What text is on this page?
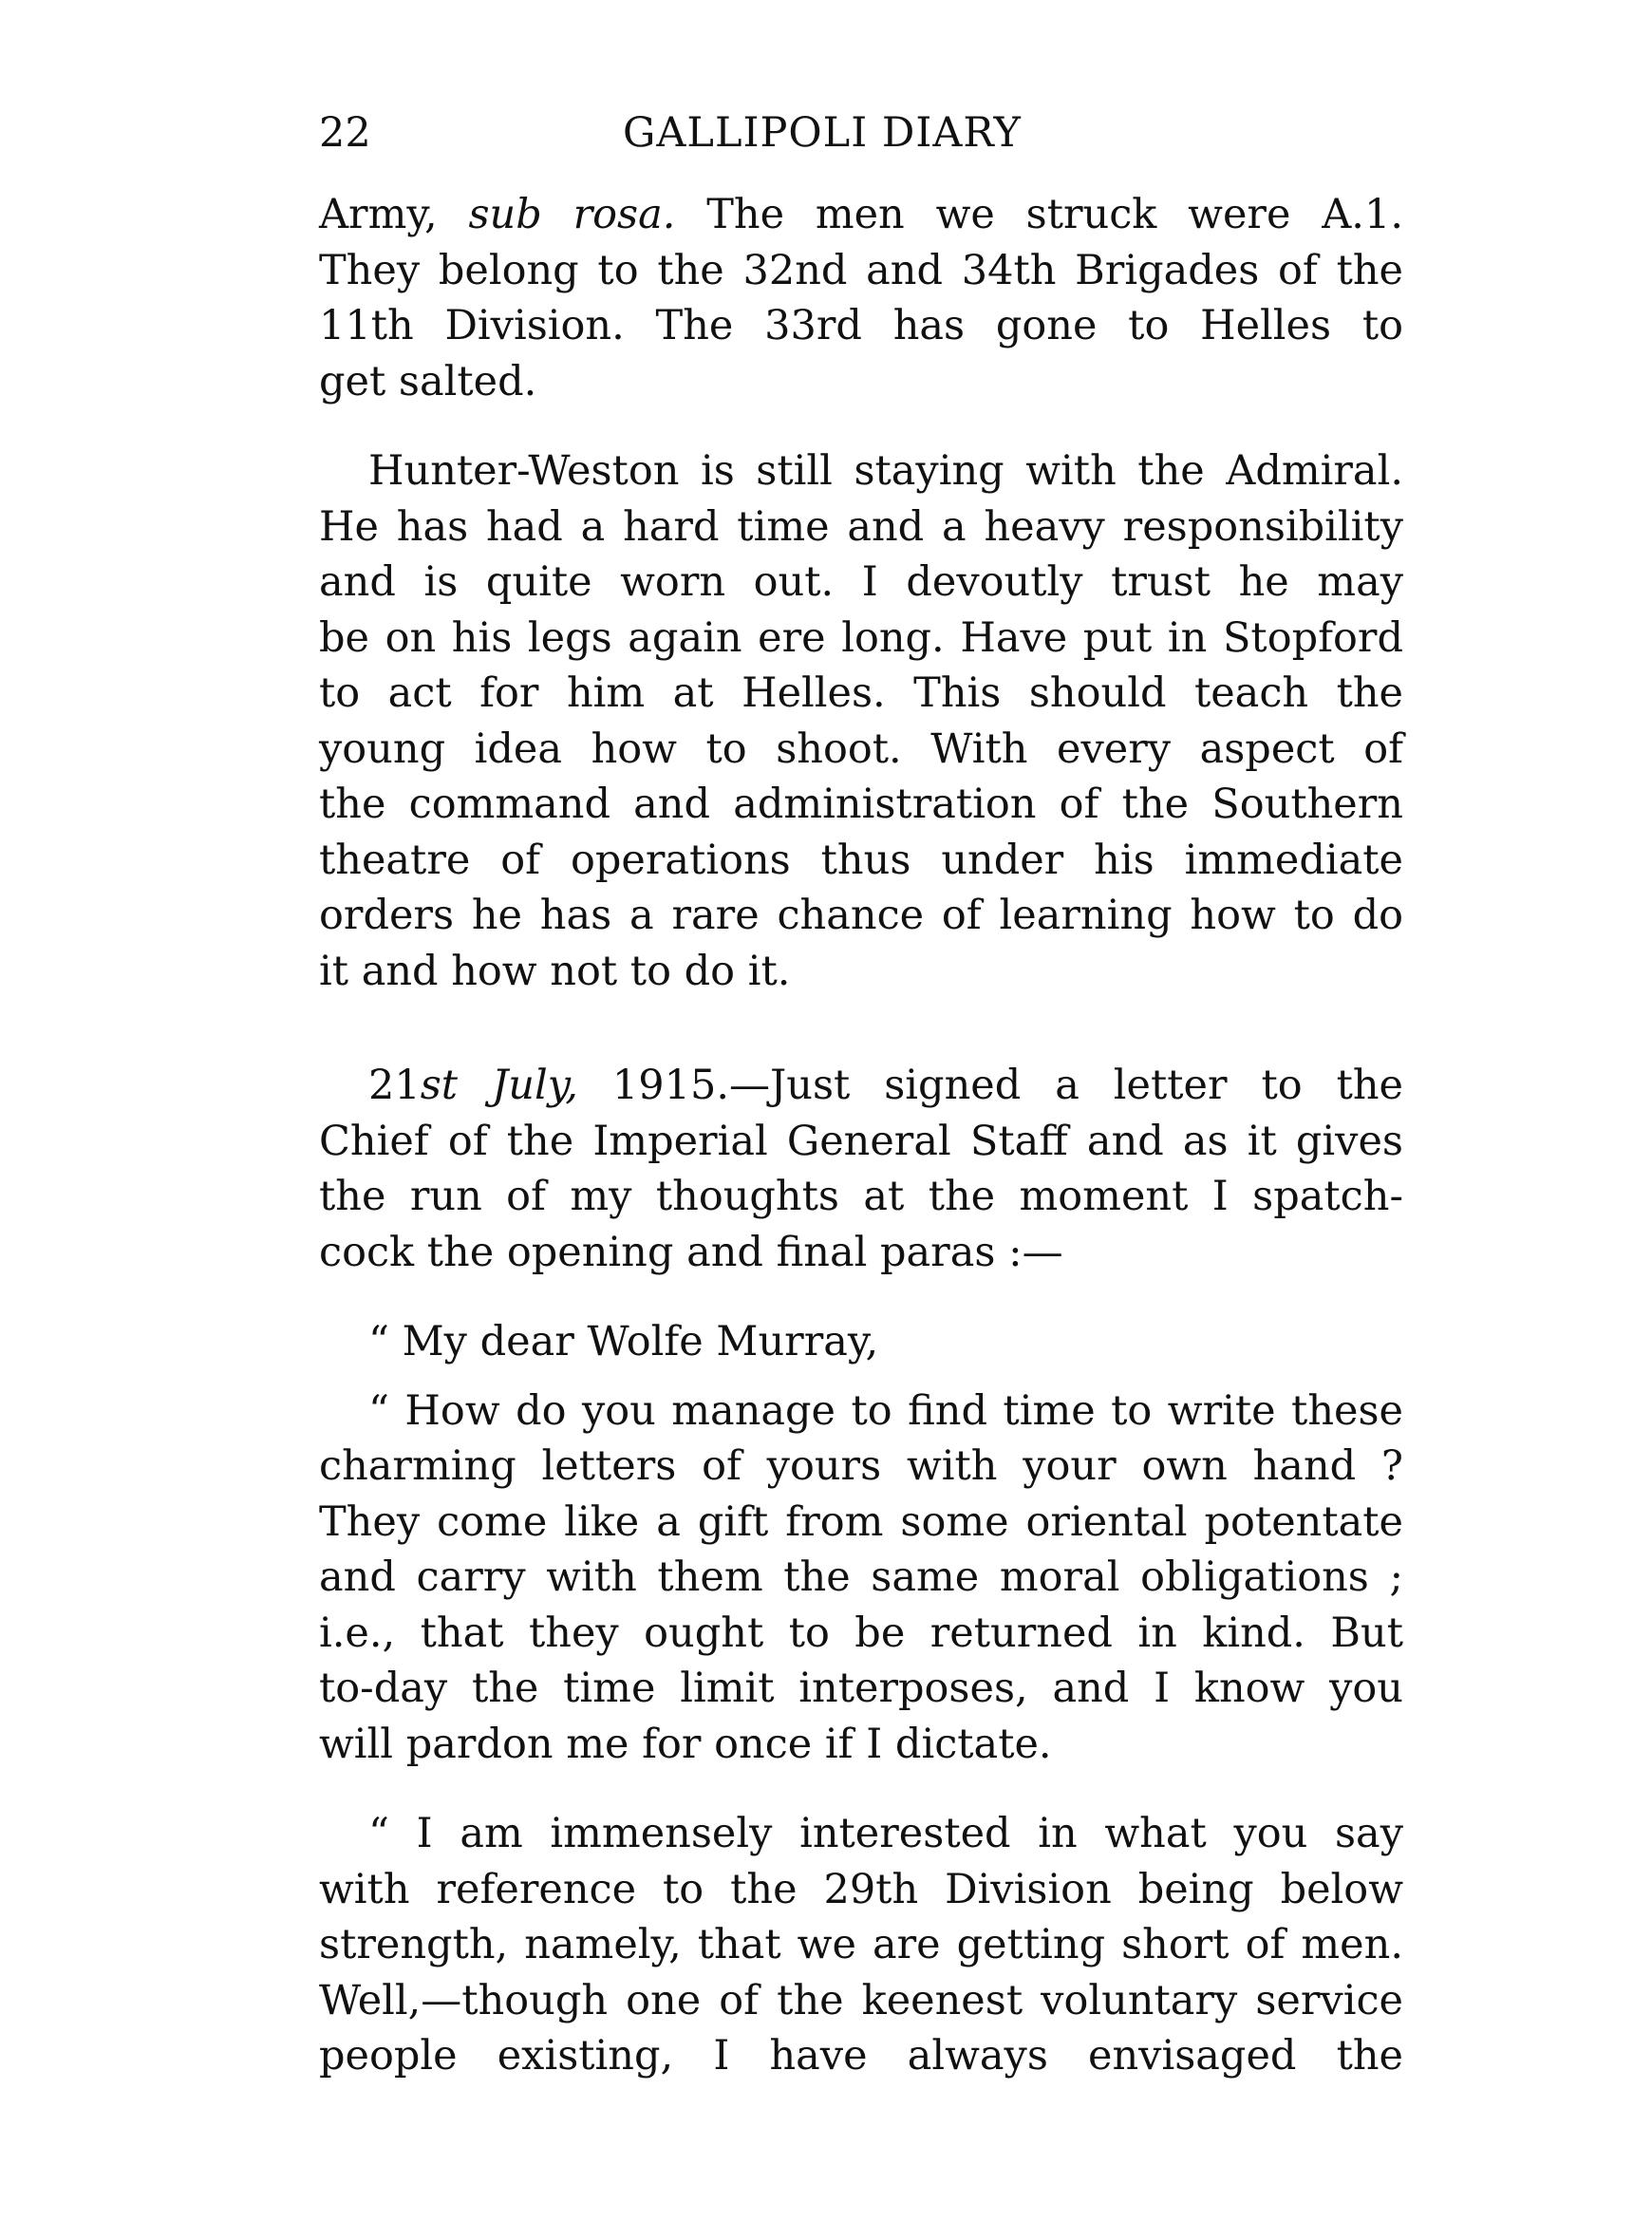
22	GALLIPOLI DIARY

Army, sub rosa. The men we struck were A.1.
They belong to the 32nd and 34th Brigades of the
11th Division. The 33rd has gone to Helles to
get salted.

Hunter-Weston is still staying with the Admiral.
He has had a hard time and a heavy responsibility
and is quite worn out. I devoutly trust he may
be on his legs again ere long. Have put in Stopford
to act for him at Helles. This should teach the
young idea how to shoot. With every aspect of
the command and administration of the Southern
theatre of operations thus under his immediate
orders he has a rare chance of learning how to do
it and how not to do it.

21st July, 1915.—Just signed a letter to the
Chief of the Imperial General Staff and as it gives
the run of my thoughts at the moment I spatch-
cock the opening and final paras :—

“ My dear Wolfe Murray,

“ How do you manage to find time to write these
charming letters of yours with your own hand ?
They come like a gift from some oriental potentate
and carry with them the same moral obligations ;
i.e., that they ought to be returned in kind. But
to-day the time limit interposes, and I know you
will pardon me for once if I dictate.

“ I am immensely interested in what you say
with reference to the 29th Division being below
strength, namely, that we are getting short of men.
Well,—though one of the keenest voluntary service
people existing, I have always envisaged the
